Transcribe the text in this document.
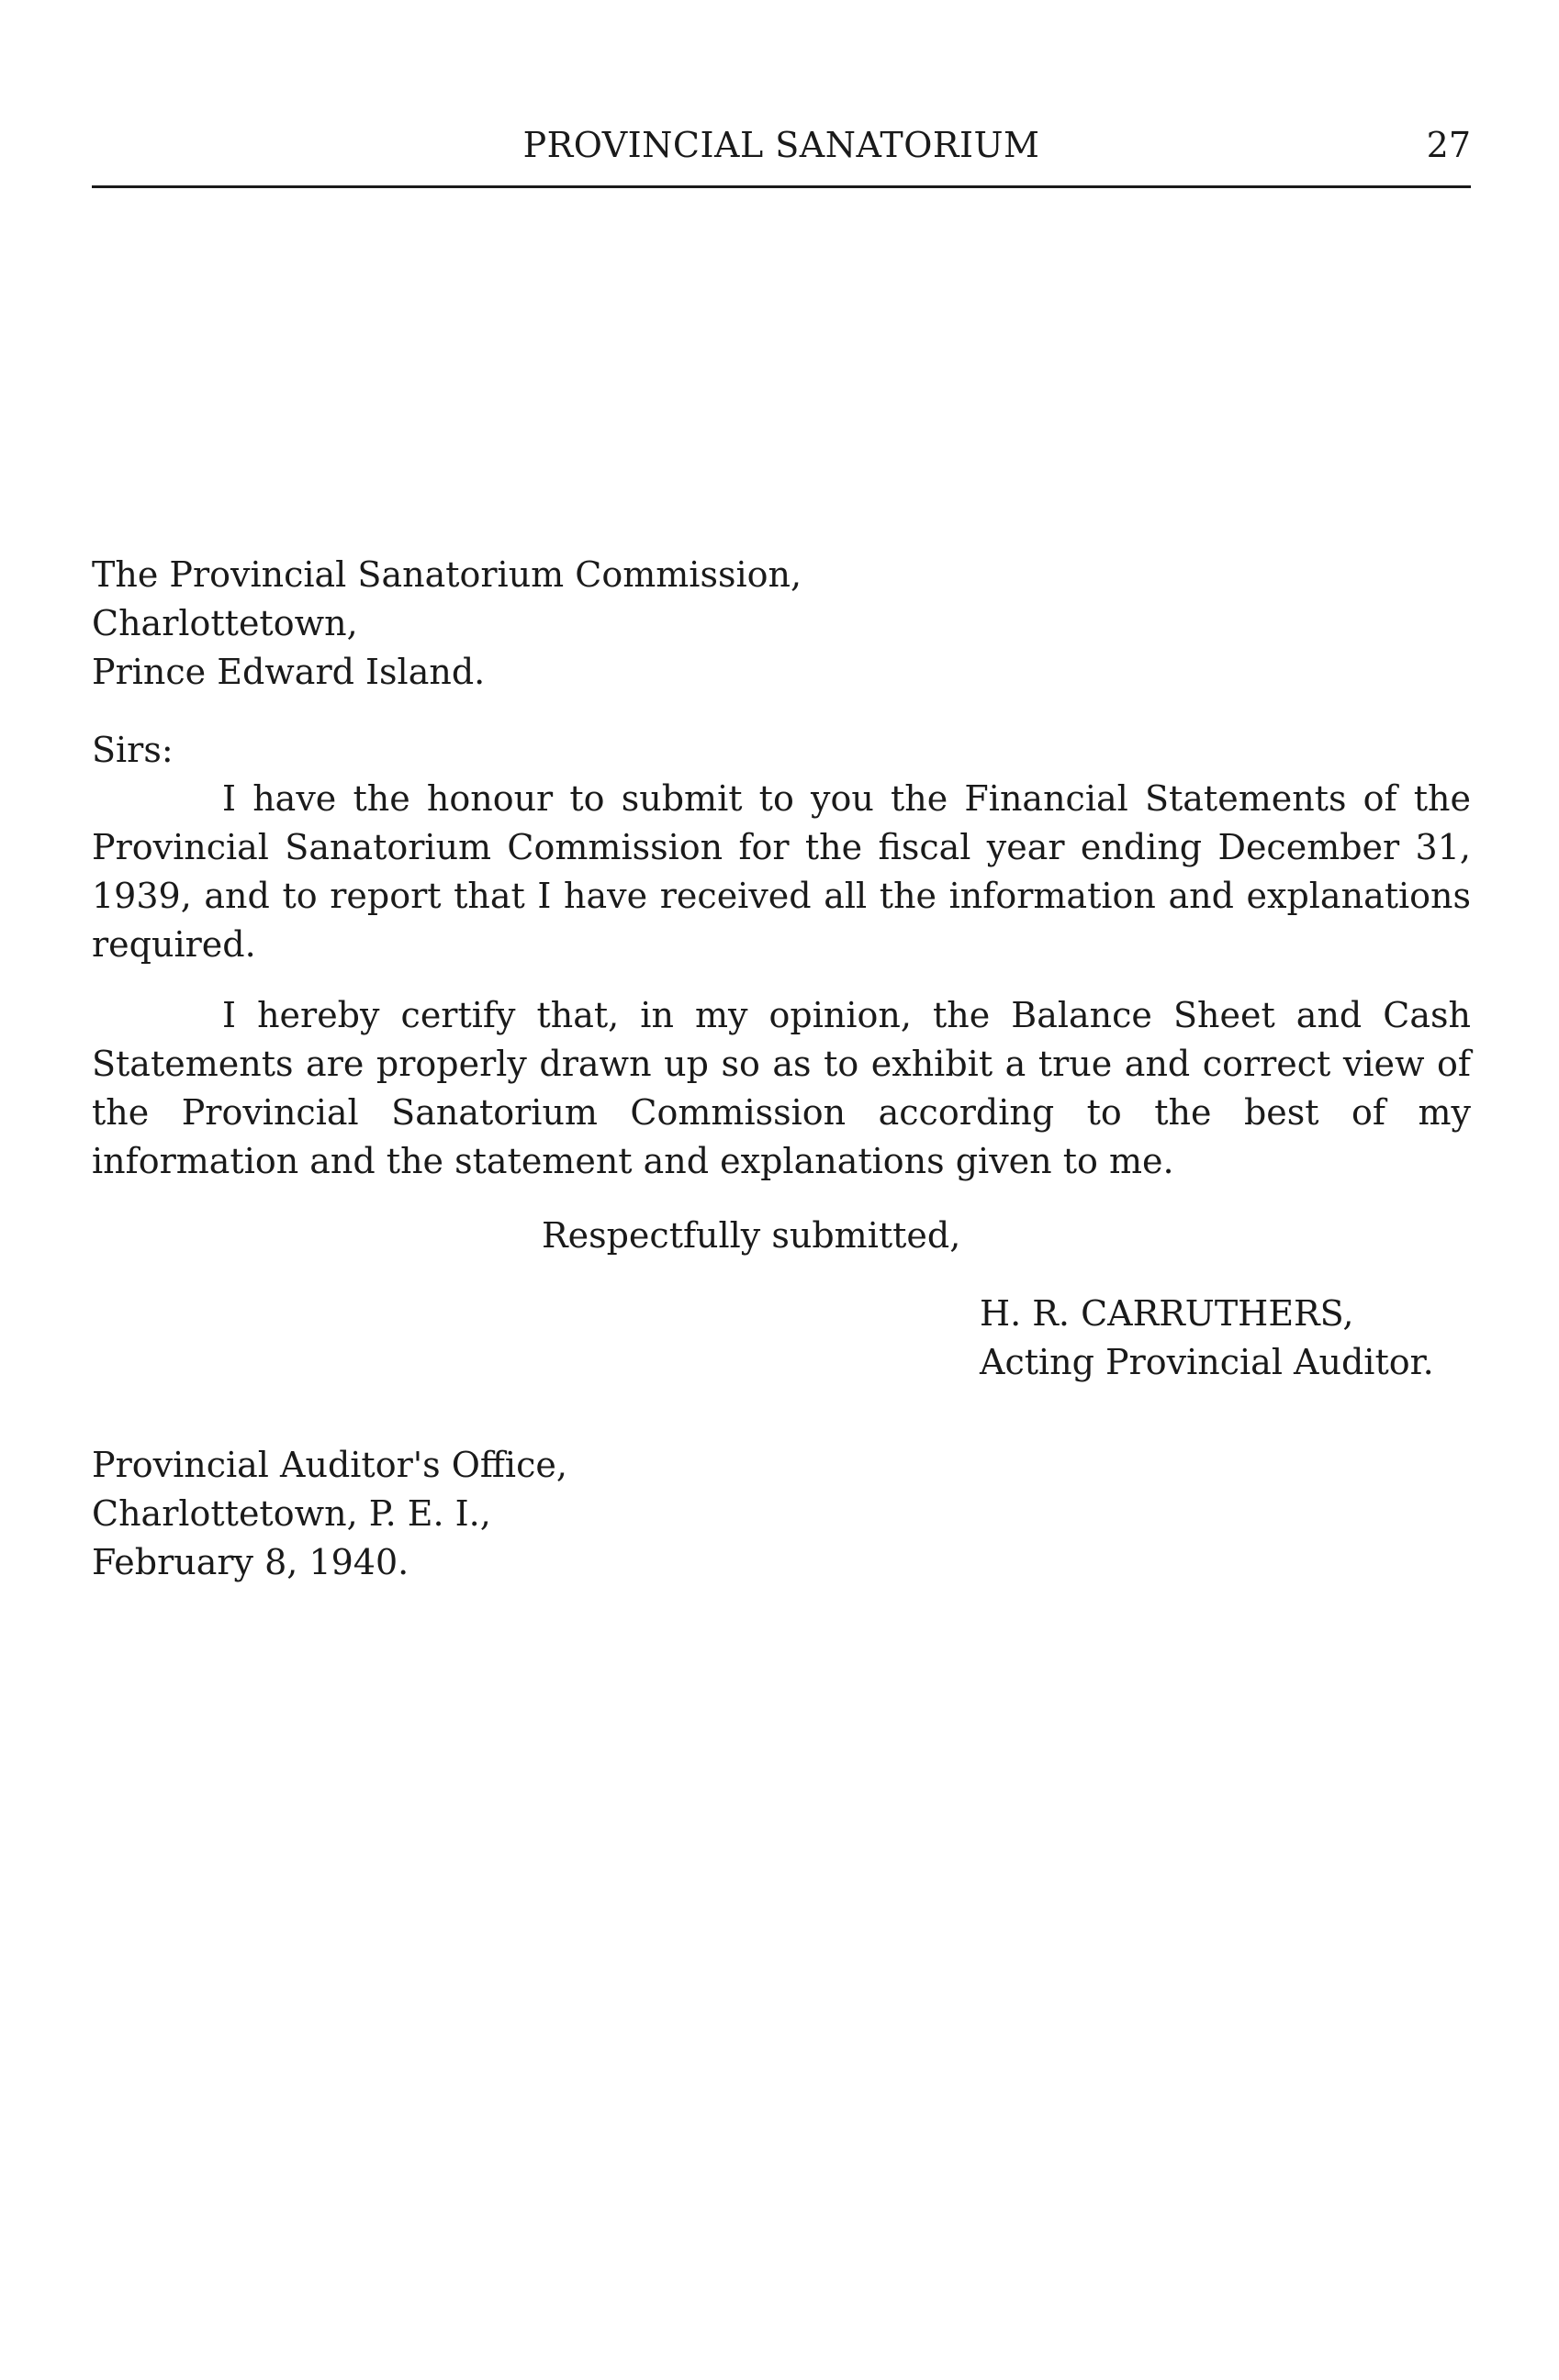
PROVINCIAL SANATORIUM	27
The Provincial Sanatorium Commission,
Charlottetown,
Prince Edward Island.
Sirs:

I have the honour to submit to you the Financial Statements of the Provincial Sanatorium Commission for the fiscal year ending December 31, 1939, and to report that I have received all the information and explanations required.

I hereby certify that, in my opinion, the Balance Sheet and Cash Statements are properly drawn up so as to exhibit a true and correct view of the Provincial Sanatorium Commission according to the best of my information and the statement and explanations given to me.

Respectfully submitted,
H. R. CARRUTHERS,
Acting Provincial Auditor.
Provincial Auditor's Office,
Charlottetown, P. E. I.,
February 8, 1940.
